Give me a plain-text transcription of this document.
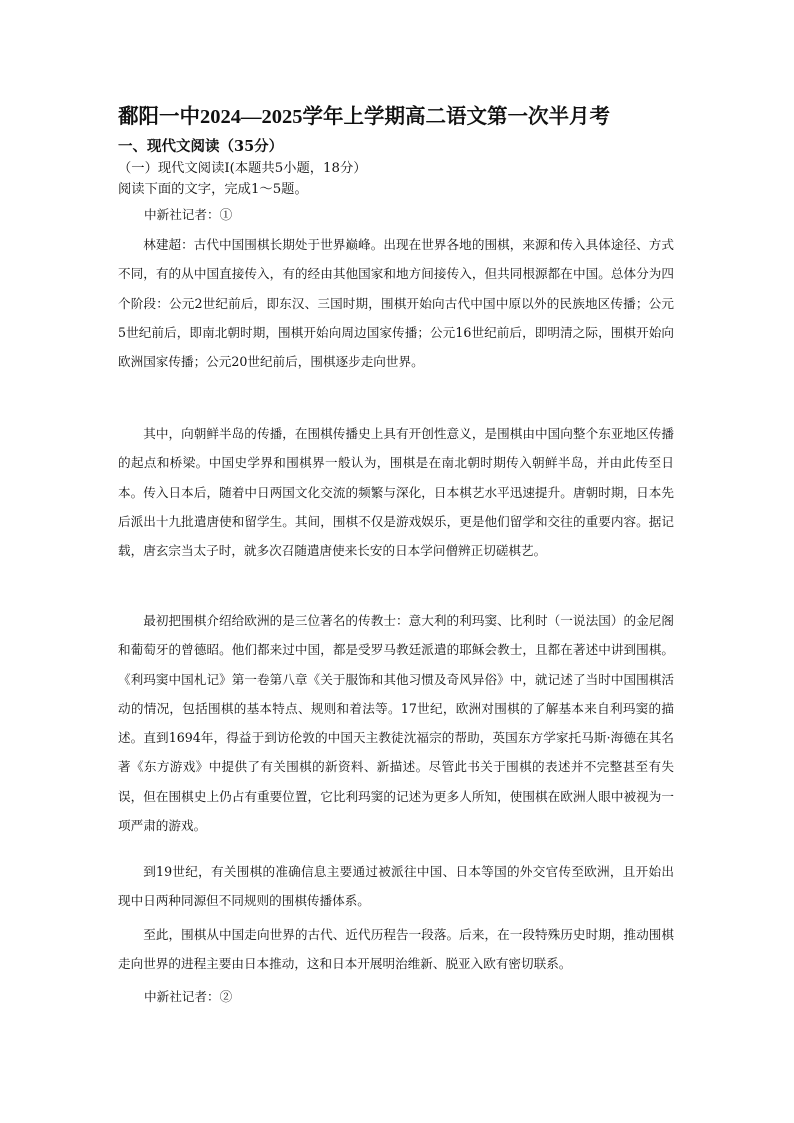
鄱阳一中2024—2025学年上学期高二语文第一次半月考
一、现代文阅读（35分）
（一）现代文阅读Ⅰ(本题共5小题，18分）
阅读下面的文字，完成1～5题。
中新社记者：①

林建超：古代中国围棋长期处于世界巅峰。出现在世界各地的围棋，来源和传入具体途径、方式不同，有的从中国直接传入，有的经由其他国家和地方间接传入，但共同根源都在中国。总体分为四个阶段：公元2世纪前后，即东汉、三国时期，围棋开始向古代中国中原以外的民族地区传播；公元5世纪前后，即南北朝时期，围棋开始向周边国家传播；公元16世纪前后，即明清之际，围棋开始向欧洲国家传播；公元20世纪前后，围棋逐步走向世界。

其中，向朝鲜半岛的传播，在围棋传播史上具有开创性意义，是围棋由中国向整个东亚地区传播的起点和桥梁。中国史学界和围棋界一般认为，围棋是在南北朝时期传入朝鲜半岛，并由此传至日本。传入日本后，随着中日两国文化交流的频繁与深化，日本棋艺水平迅速提升。唐朝时期，日本先后派出十九批遣唐使和留学生。其间，围棋不仅是游戏娱乐，更是他们留学和交往的重要内容。据记载，唐玄宗当太子时，就多次召随遣唐使来长安的日本学问僧辨正切磋棋艺。

最初把围棋介绍给欧洲的是三位著名的传教士：意大利的利玛窦、比利时（一说法国）的金尼阁和葡萄牙的曾德昭。他们都来过中国，都是受罗马教廷派遣的耶稣会教士，且都在著述中讲到围棋。《利玛窦中国札记》第一卷第八章《关于服饰和其他习惯及奇风异俗》中，就记述了当时中国围棋活动的情况，包括围棋的基本特点、规则和着法等。17世纪，欧洲对围棋的了解基本来自利玛窦的描述。直到1694年，得益于到访伦敦的中国天主教徒沈福宗的帮助，英国东方学家托马斯·海德在其名著《东方游戏》中提供了有关围棋的新资料、新描述。尽管此书关于围棋的表述并不完整甚至有失误，但在围棋史上仍占有重要位置，它比利玛窦的记述为更多人所知，使围棋在欧洲人眼中被视为一项严肃的游戏。

到19世纪，有关围棋的准确信息主要通过被派往中国、日本等国的外交官传至欧洲，且开始出现中日两种同源但不同规则的围棋传播体系。

至此，围棋从中国走向世界的古代、近代历程告一段落。后来，在一段特殊历史时期，推动围棋走向世界的进程主要由日本推动，这和日本开展明治维新、脱亚入欧有密切联系。

中新社记者：②
